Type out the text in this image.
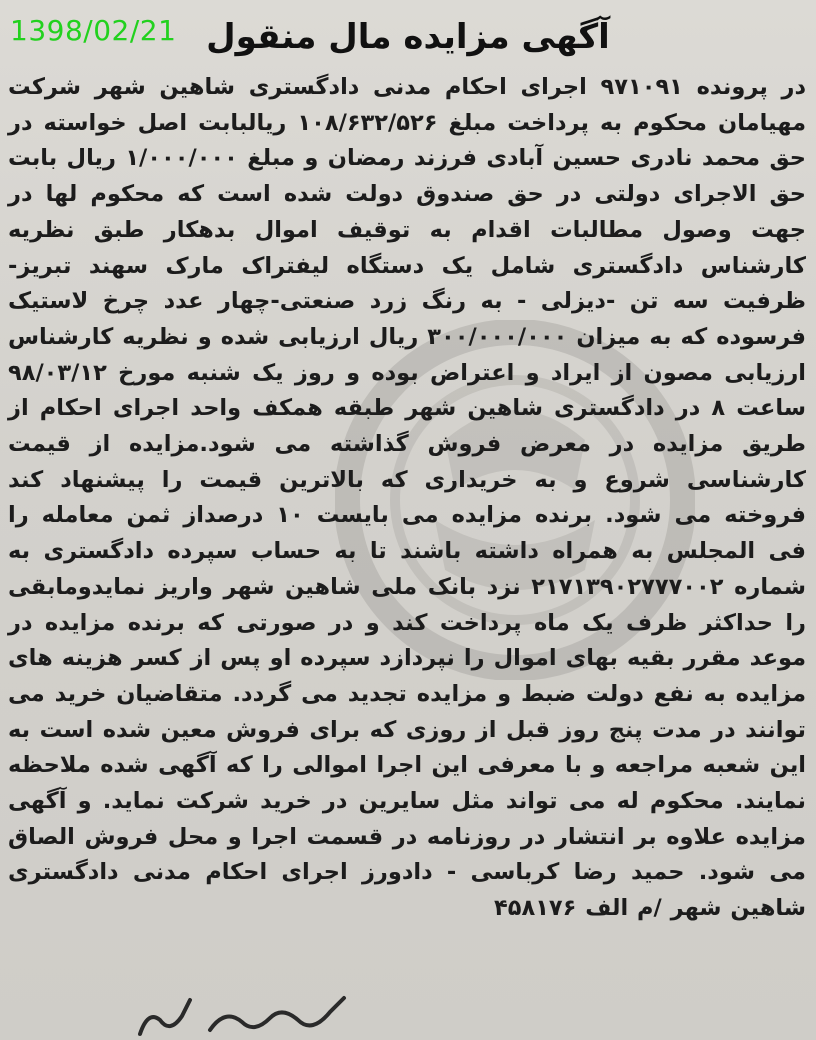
1398/02/21 آگهی مزایده مال منقول
در پرونده ۹۷۱۰۹۱ اجرای احکام مدنی دادگستری شاهین شهر شرکت مهیامان محکوم به پرداخت مبلغ ۱۰۸/۶۳۲/۵۲۶ ریالبابت اصل خواسته در حق محمد نادری حسین آبادی فرزند رمضان و مبلغ ۱/۰۰۰/۰۰۰ ریال بابت حق الاجرای دولتی در حق صندوق دولت شده است که محکوم لها در جهت وصول مطالبات اقدام به توقیف اموال بدهکار طبق نظریه کارشناس دادگستری شامل یک دستگاه لیفتراک مارک سهند تبریز-ظرفیت سه تن -دیزلی - به رنگ زرد صنعتی-چهار عدد چرخ لاستیک فرسوده که به میزان ۳۰۰/۰۰۰/۰۰۰ ریال ارزیابی شده و نظریه کارشناس ارزیابی مصون از ایراد و اعتراض بوده و روز یک شنبه مورخ ۹۸/۰۳/۱۲ ساعت ۸ در دادگستری شاهین شهر طبقه همکف واحد اجرای احکام از طریق مزایده در معرض فروش گذاشته می شود.مزایده از قیمت کارشناسی شروع و به خریداری که بالاترین قیمت را پیشنهاد کند فروخته می شود. برنده مزایده می بایست ۱۰ درصداز ثمن معامله را فی المجلس به همراه داشته باشند تا به حساب سپرده دادگستری به شماره ۲۱۷۱۳۹۰۲۷۷۷۰۰۲ نزد بانک ملی شاهین شهر واریز نمایدومابقی را حداکثر ظرف یک ماه پرداخت کند و در صورتی که برنده مزایده در موعد مقرر بقیه بهای اموال را نپردازد سپرده او پس از کسر هزینه های مزایده به نفع دولت ضبط و مزایده تجدید می گردد. متقاضیان خرید می توانند در مدت پنج روز قبل از روزی که برای فروش معین شده است به این شعبه مراجعه و با معرفی این اجرا اموالی را که آگهی شده ملاحظه نمایند. محکوم له می تواند مثل سایرین در خرید شرکت نماید. و آگهی مزایده علاوه بر انتشار در روزنامه در قسمت اجرا و محل فروش الصاق می شود. حمید رضا کرباسی - دادورز اجرای احکام مدنی دادگستری شاهین شهر /م الف ۴۵۸۱۷۶
